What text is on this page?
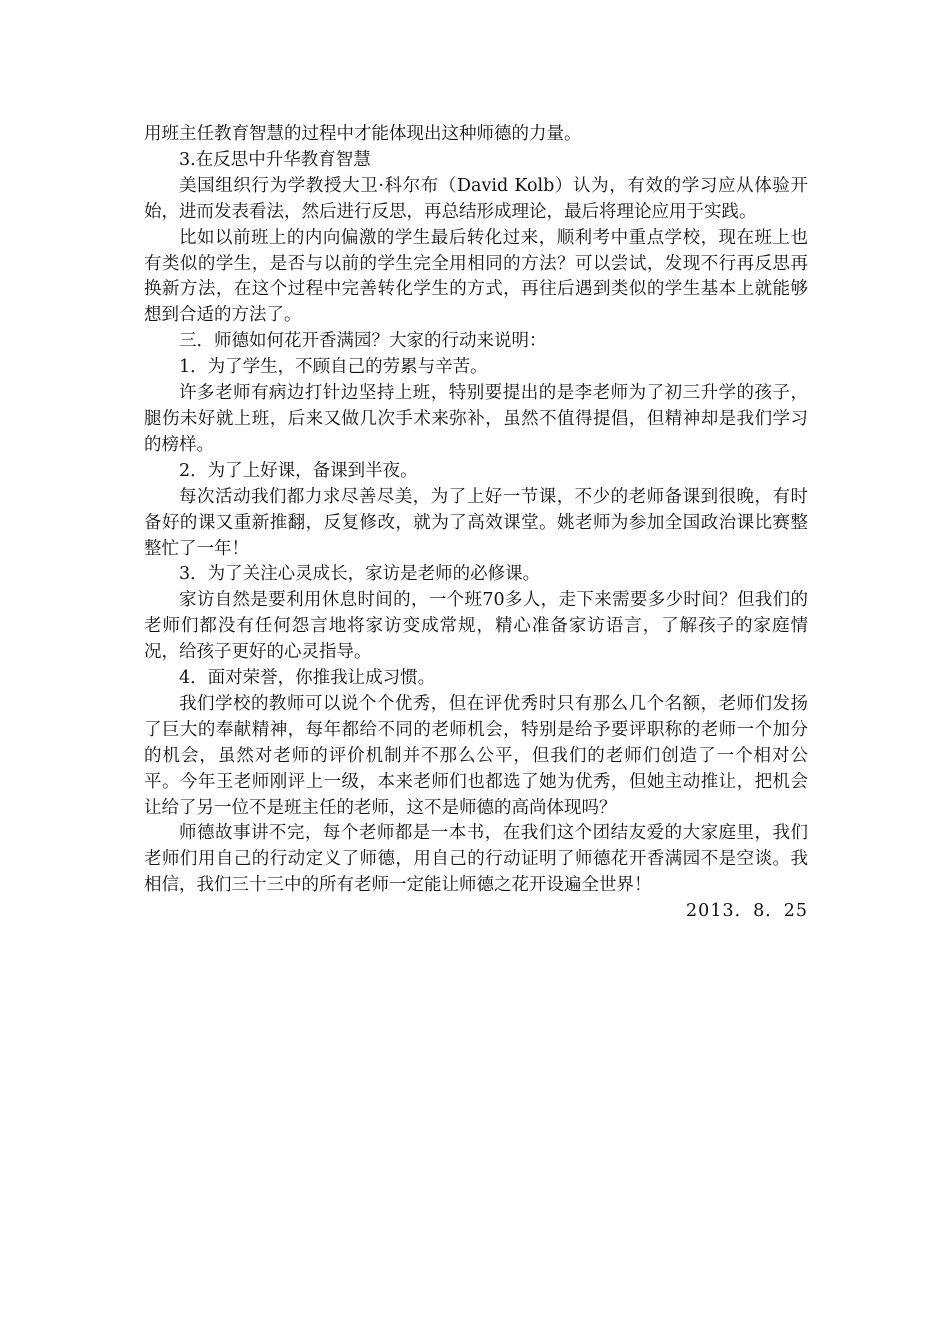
用班主任教育智慧的过程中才能体现出这种师德的力量。

3.在反思中升华教育智慧

美国组织行为学教授大卫·科尔布（David Kolb）认为，有效的学习应从体验开始，进而发表看法，然后进行反思，再总结形成理论，最后将理论应用于实践。

比如以前班上的内向偏激的学生最后转化过来，顺利考中重点学校，现在班上也有类似的学生，是否与以前的学生完全用相同的方法？可以尝试，发现不行再反思再换新方法，在这个过程中完善转化学生的方式，再往后遇到类似的学生基本上就能够想到合适的方法了。

三．师德如何花开香满园？大家的行动来说明：

1．为了学生，不顾自己的劳累与辛苦。

许多老师有病边打针边坚持上班，特别要提出的是李老师为了初三升学的孩子，腿伤未好就上班，后来又做几次手术来弥补，虽然不值得提倡，但精神却是我们学习的榜样。

2．为了上好课，备课到半夜。

每次活动我们都力求尽善尽美，为了上好一节课，不少的老师备课到很晚，有时备好的课又重新推翻，反复修改，就为了高效课堂。姚老师为参加全国政治课比赛整整忙了一年！

3．为了关注心灵成长，家访是老师的必修课。

家访自然是要利用休息时间的，一个班70多人，走下来需要多少时间？但我们的老师们都没有任何怨言地将家访变成常规，精心准备家访语言，了解孩子的家庭情况，给孩子更好的心灵指导。

4．面对荣誉，你推我让成习惯。

我们学校的教师可以说个个优秀，但在评优秀时只有那么几个名额，老师们发扬了巨大的奉献精神，每年都给不同的老师机会，特别是给予要评职称的老师一个加分的机会，虽然对老师的评价机制并不那么公平，但我们的老师们创造了一个相对公平。今年王老师刚评上一级，本来老师们也都选了她为优秀，但她主动推让，把机会让给了另一位不是班主任的老师，这不是师德的高尚体现吗？

师德故事讲不完，每个老师都是一本书，在我们这个团结友爱的大家庭里，我们老师们用自己的行动定义了师德，用自己的行动证明了师德花开香满园不是空谈。我相信，我们三十三中的所有老师一定能让师德之花开设遍全世界！

2013．8．25
